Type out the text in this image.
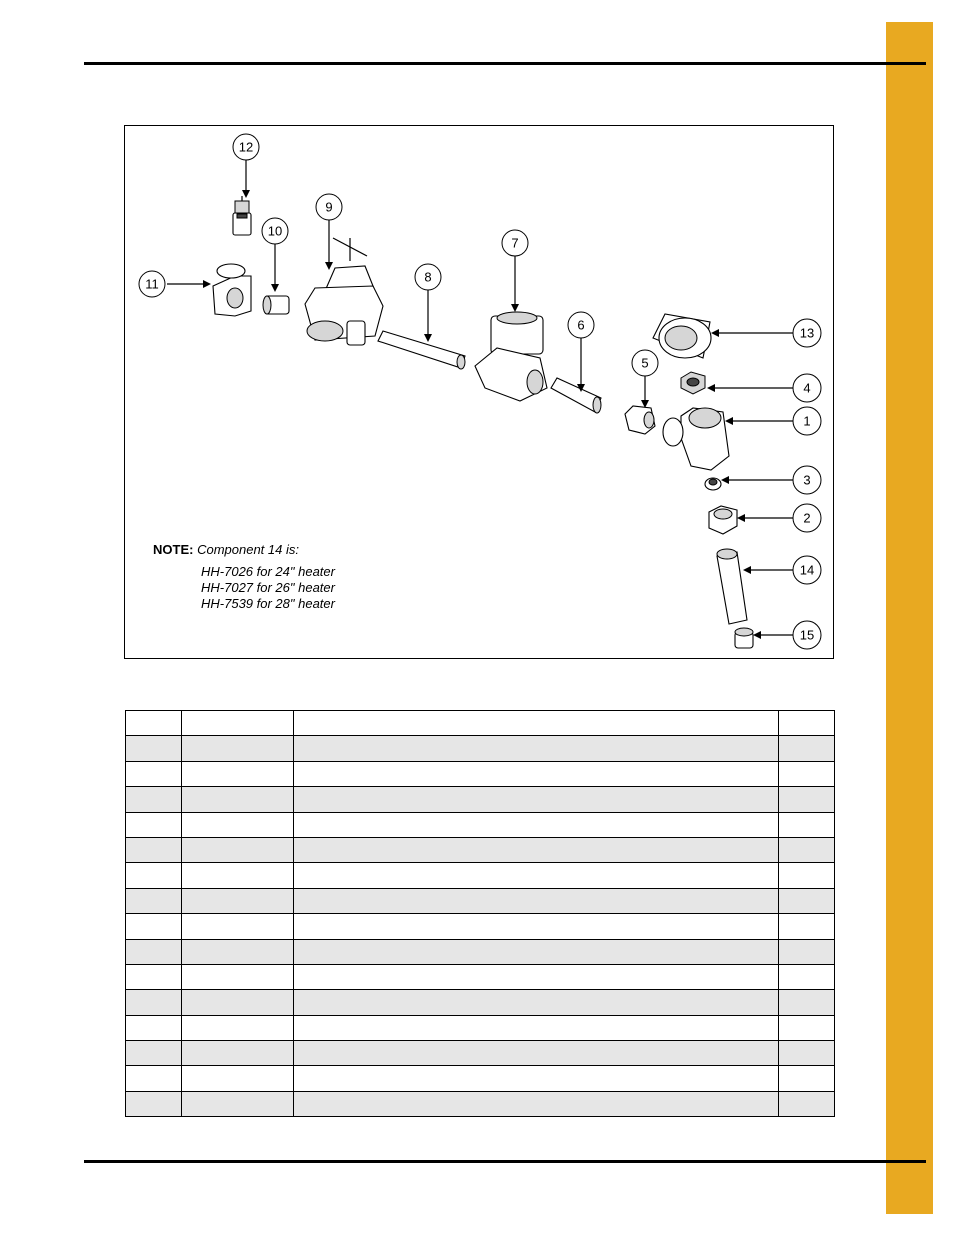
12
9
10
11	8
7
6
5
13
4
1
3
2
14
15
NOTE: Component 14 is:
HH-7026 for 24" heater
HH-7027 for 26" heater
HH-7539 for 28" heater
